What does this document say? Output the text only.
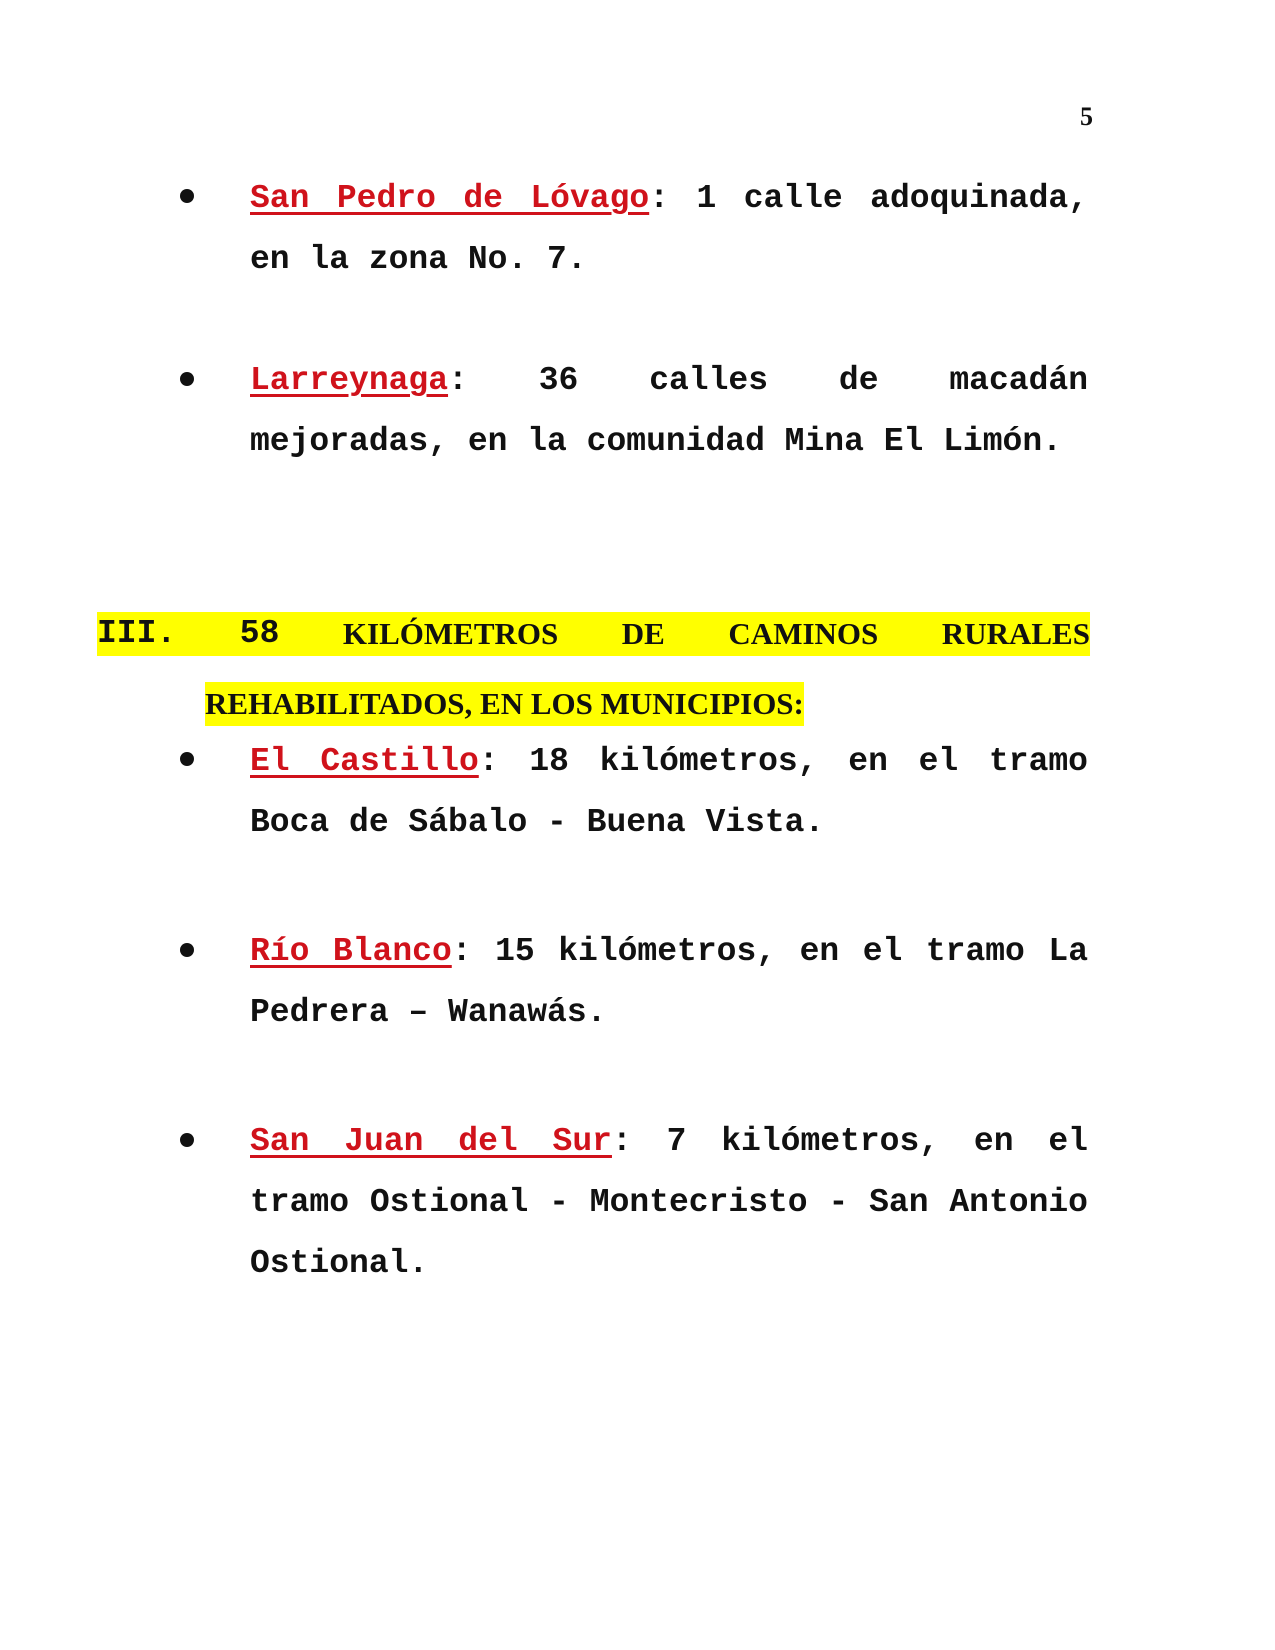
5
San Pedro de Lóvago: 1 calle adoquinada, en la zona No. 7.
Larreynaga: 36 calles de macadán mejoradas, en la comunidad Mina El Limón.
III. 58 KILÓMETROS DE CAMINOS RURALES
REHABILITADOS, EN LOS MUNICIPIOS:
El Castillo: 18 kilómetros, en el tramo Boca de Sábalo - Buena Vista.
Río Blanco: 15 kilómetros, en el tramo La Pedrera – Wanawás.
San Juan del Sur: 7 kilómetros, en el tramo Ostional - Montecristo - San Antonio Ostional.
